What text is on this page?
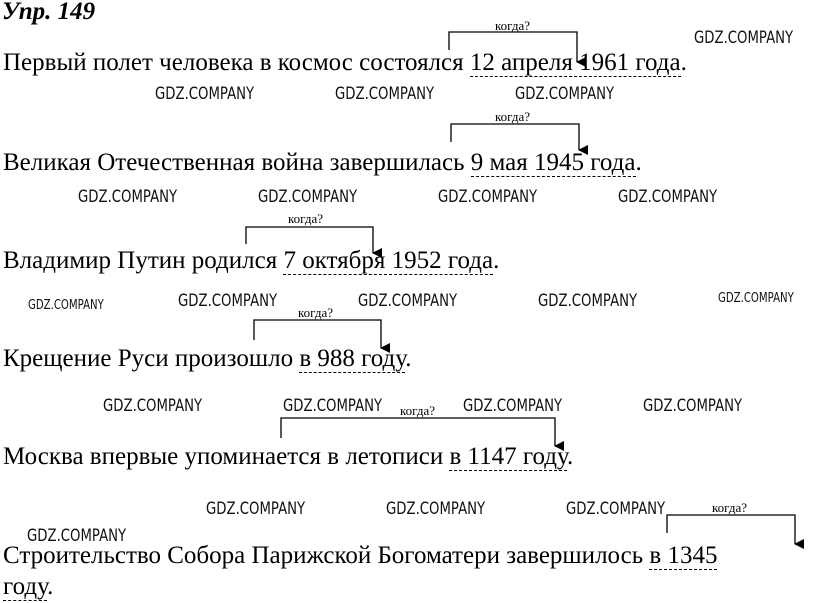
Упр. 149
Первый полет человека в космос состоялся 12 апреля 1961 года.
Великая Отечественная война завершилась 9 мая 1945 года.
Владимир Путин родился 7 октября 1952 года.
Крещение Руси произошло в 988 году.
Москва впервые упоминается в летописи в 1147 году.
Строительство Собора Парижской Богоматери завершилось в 1345
году.
когда?
когда?
когда?
когда?
когда?
когда?
GDZ.COMPANY
GDZ.COMPANY	GDZ.COMPANY	GDZ.COMPANY
GDZ.COMPANY	GDZ.COMPANY	GDZ.COMPANY	GDZ.COMPANY
GDZ.COMPANY	GDZ.COMPANY	GDZ.COMPANY	GDZ.COMPANY	GDZ.COMPANY
GDZ.COMPANY	GDZ.COMPANY	GDZ.COMPANY	GDZ.COMPANY
GDZ.COMPANY	GDZ.COMPANY	GDZ.COMPANY
GDZ.COMPANY
